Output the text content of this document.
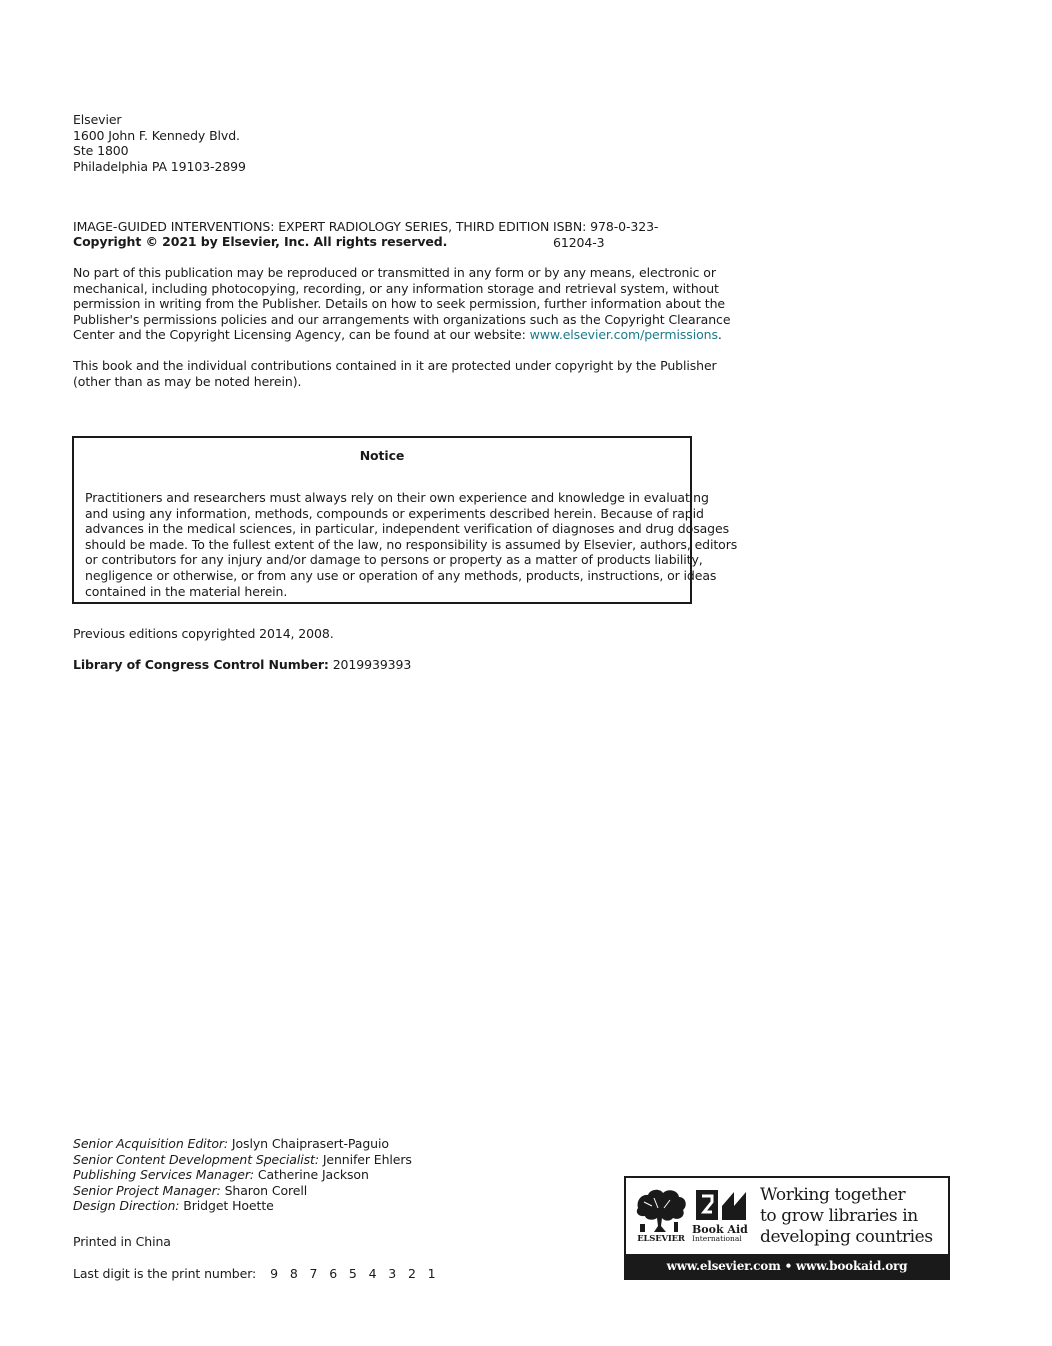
Elsevier
1600 John F. Kennedy Blvd.
Ste 1800
Philadelphia PA 19103-2899
IMAGE-GUIDED INTERVENTIONS: EXPERT RADIOLOGY SERIES, THIRD EDITION ISBN: 978-0-323-61204-3
Copyright © 2021 by Elsevier, Inc. All rights reserved.
No part of this publication may be reproduced or transmitted in any form or by any means, electronic or
mechanical, including photocopying, recording, or any information storage and retrieval system, without
permission in writing from the Publisher. Details on how to seek permission, further information about the
Publisher's permissions policies and our arrangements with organizations such as the Copyright Clearance
Center and the Copyright Licensing Agency, can be found at our website: www.elsevier.com/permissions.
This book and the individual contributions contained in it are protected under copyright by the Publisher
(other than as may be noted herein).
Notice
Practitioners and researchers must always rely on their own experience and knowledge in evaluating
and using any information, methods, compounds or experiments described herein. Because of rapid
advances in the medical sciences, in particular, independent verification of diagnoses and drug dosages
should be made. To the fullest extent of the law, no responsibility is assumed by Elsevier, authors, editors
or contributors for any injury and/or damage to persons or property as a matter of products liability,
negligence or otherwise, or from any use or operation of any methods, products, instructions, or ideas
contained in the material herein.
Previous editions copyrighted 2014, 2008.
Library of Congress Control Number: 2019939393
Senior Acquisition Editor: Joslyn Chaiprasert-Paguio
Senior Content Development Specialist: Jennifer Ehlers
Publishing Services Manager: Catherine Jackson
Senior Project Manager: Sharon Corell
Design Direction: Bridget Hoette
Printed in China
Last digit is the print number: 9 8 7 6 5 4 3 2 1
ELSEVIER
Book Aid
International
Working together
to grow libraries in
developing countries
www.elsevier.com • www.bookaid.org
